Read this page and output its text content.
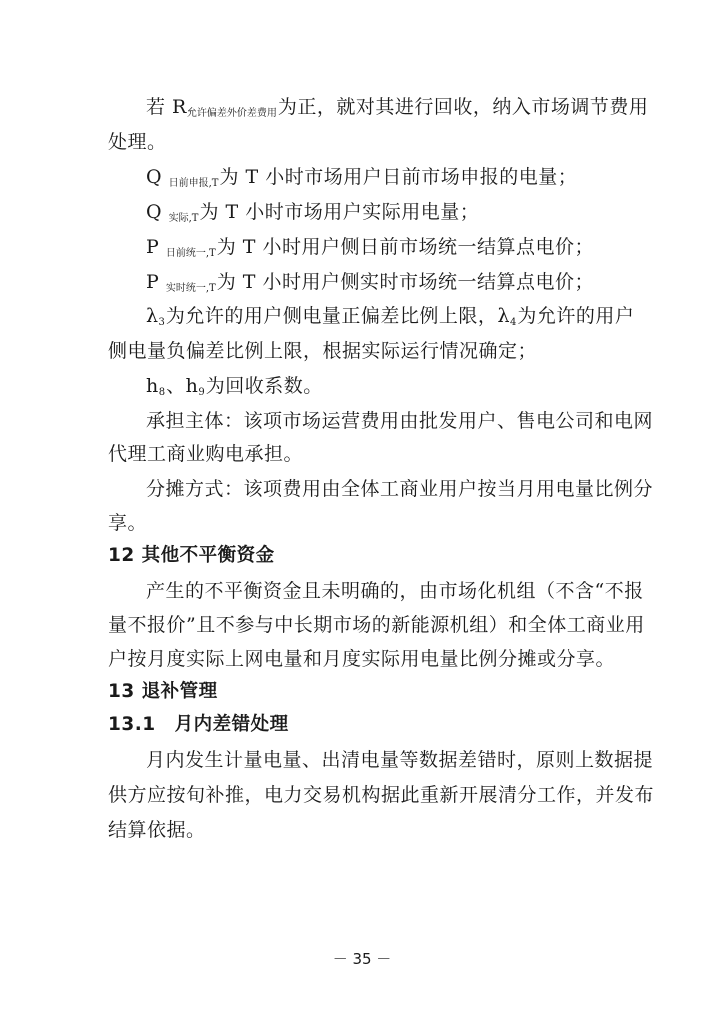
若 $R_{允许偏差外价差费用}$为正，就对其进行回收，纳入市场调节费用
处理。
Q $_{日前申报,T}$为 T 小时市场用户日前市场申报的电量；
Q $_{实际,T}$为 T 小时市场用户实际用电量；
P $_{日前统一,T}$为 T 小时用户侧日前市场统一结算点电价；
P $_{实时统一,T}$为 T 小时用户侧实时市场统一结算点电价；
$\lambda_3$为允许的用户侧电量正偏差比例上限，$\lambda_4$为允许的用户
侧电量负偏差比例上限，根据实际运行情况确定；
$h_8$、$h_9$为回收系数。
承担主体：该项市场运营费用由批发用户、售电公司和电网
代理工商业购电承担。
分摊方式：该项费用由全体工商业用户按当月用电量比例分
享。
12 其他不平衡资金
产生的不平衡资金且未明确的，由市场化机组（不含“不报
量不报价”且不参与中长期市场的新能源机组）和全体工商业用
户按月度实际上网电量和月度实际用电量比例分摊或分享。
13 退补管理
13.1　月内差错处理
月内发生计量电量、出清电量等数据差错时，原则上数据提
供方应按旬补推，电力交易机构据此重新开展清分工作，并发布
结算依据。
－ 35 －
